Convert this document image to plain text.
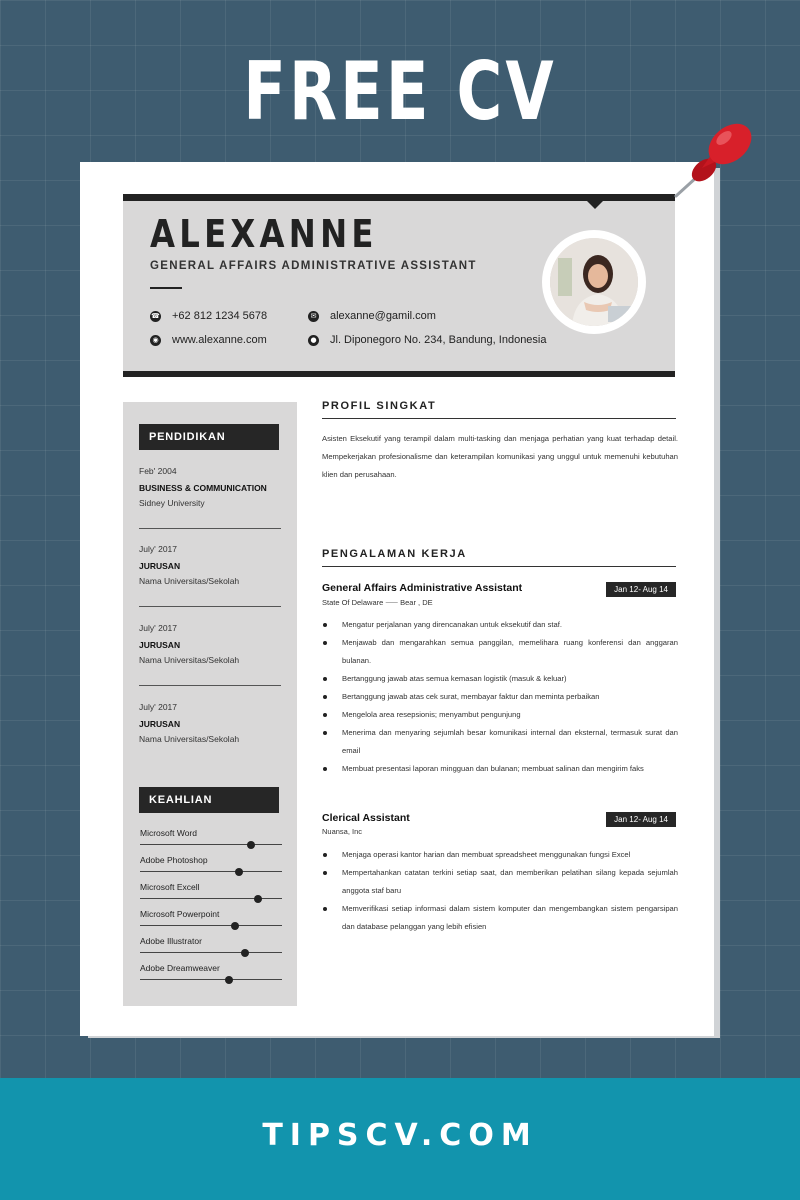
FREE CV
ALEXANNE
GENERAL AFFAIRS ADMINISTRATIVE ASSISTANT
☎ +62 812 1234 5678
◉ www.alexanne.com
✉ alexanne@gamil.com
● Jl. Diponegoro No. 234, Bandung, Indonesia
PENDIDIKAN
Feb' 2004
BUSINESS & COMMUNICATION
Sidney University
July' 2017
JURUSAN
Nama Universitas/Sekolah
July' 2017
JURUSAN
Nama Universitas/Sekolah
July' 2017
JURUSAN
Nama Universitas/Sekolah
KEAHLIAN
Microsoft Word
Adobe Photoshop
Microsoft Excell
Microsoft Powerpoint
Adobe Illustrator
Adobe Dreamweaver
PROFIL SINGKAT
Asisten Eksekutif yang terampil dalam multi-tasking dan menjaga perhatian yang kuat terhadap detail. Mempekerjakan profesionalisme dan keterampilan komunikasi yang unggul untuk memenuhi kebutuhan klien dan perusahaan.
PENGALAMAN KERJA
General Affairs Administrative Assistant
State Of Delaware ⸺ Bear , DE
Jan 12- Aug 14
Mengatur perjalanan yang direncanakan untuk eksekutif dan staf.
Menjawab dan mengarahkan semua panggilan, memelihara ruang konferensi dan anggaran bulanan.
Bertanggung jawab atas semua kemasan logistik (masuk & keluar)
Bertanggung jawab atas cek surat, membayar faktur dan meminta perbaikan
Mengelola area resepsionis; menyambut pengunjung
Menerima dan menyaring sejumlah besar komunikasi internal dan eksternal, termasuk surat dan email
Membuat presentasi laporan mingguan dan bulanan; membuat salinan dan mengirim faks
Clerical Assistant
Nuansa, Inc
Jan 12- Aug 14
Menjaga operasi kantor harian dan membuat spreadsheet menggunakan fungsi Excel
Mempertahankan catatan terkini setiap saat, dan memberikan pelatihan silang kepada sejumlah anggota staf baru
Memverifikasi setiap informasi dalam sistem komputer dan mengembangkan sistem pengarsipan dan database pelanggan yang lebih efisien
TIPSCV.COM
